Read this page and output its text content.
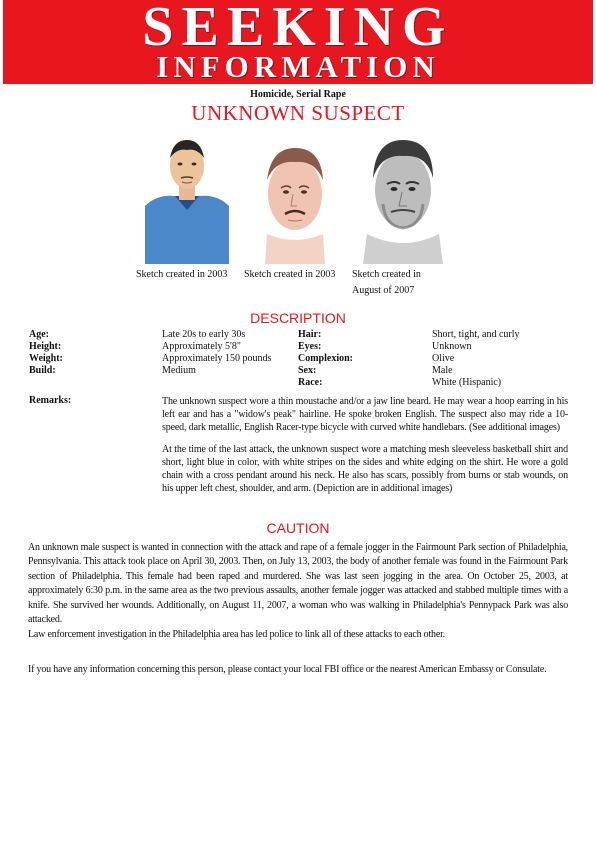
SEEKING
INFORMATION
Homicide, Serial Rape
UNKNOWN SUSPECT
Sketch created in 2003	Sketch created in 2003	Sketch created in August of 2007
DESCRIPTION
Age:	Late 20s to early 30s
Height:	Approximately 5'8"
Weight:	Approximately 150 pounds
Build:	Medium
Hair:	Short, tight, and curly
Eyes:	Unknown
Complexion:	Olive
Sex:	Male
Race:	White (Hispanic)
Remarks:	The unknown suspect wore a thin moustache and/or a jaw line beard. He may wear a hoop earring in his left ear and has a "widow's peak" hairline. He spoke broken English. The suspect also may ride a 10-speed, dark metallic, English Racer-type bicycle with curved white handlebars. (See additional images)
At the time of the last attack, the unknown suspect wore a matching mesh sleeveless basketball shirt and short, light blue in color, with white stripes on the sides and white edging on the shirt. He wore a gold chain with a cross pendant around his neck. He also has scars, possibly from burns or stab wounds, on his upper left chest, shoulder, and arm. (Depiction are in additional images)
CAUTION
An unknown male suspect is wanted in connection with the attack and rape of a female jogger in the Fairmount Park section of Philadelphia, Pennsylvania. This attack took place on April 30, 2003. Then, on July 13, 2003, the body of another female was found in the Fairmount Park section of Philadelphia. This female had been raped and murdered. She was last seen jogging in the area. On October 25, 2003, at approximately 6:30 p.m. in the same area as the two previous assaults, another female jogger was attacked and stabbed multiple times with a knife. She survived her wounds. Additionally, on August 11, 2007, a woman who was walking in Philadelphia's Pennypack Park was also attacked.
Law enforcement investigation in the Philadelphia area has led police to link all of these attacks to each other.
If you have any information concerning this person, please contact your local FBI office or the nearest American Embassy or Consulate.
